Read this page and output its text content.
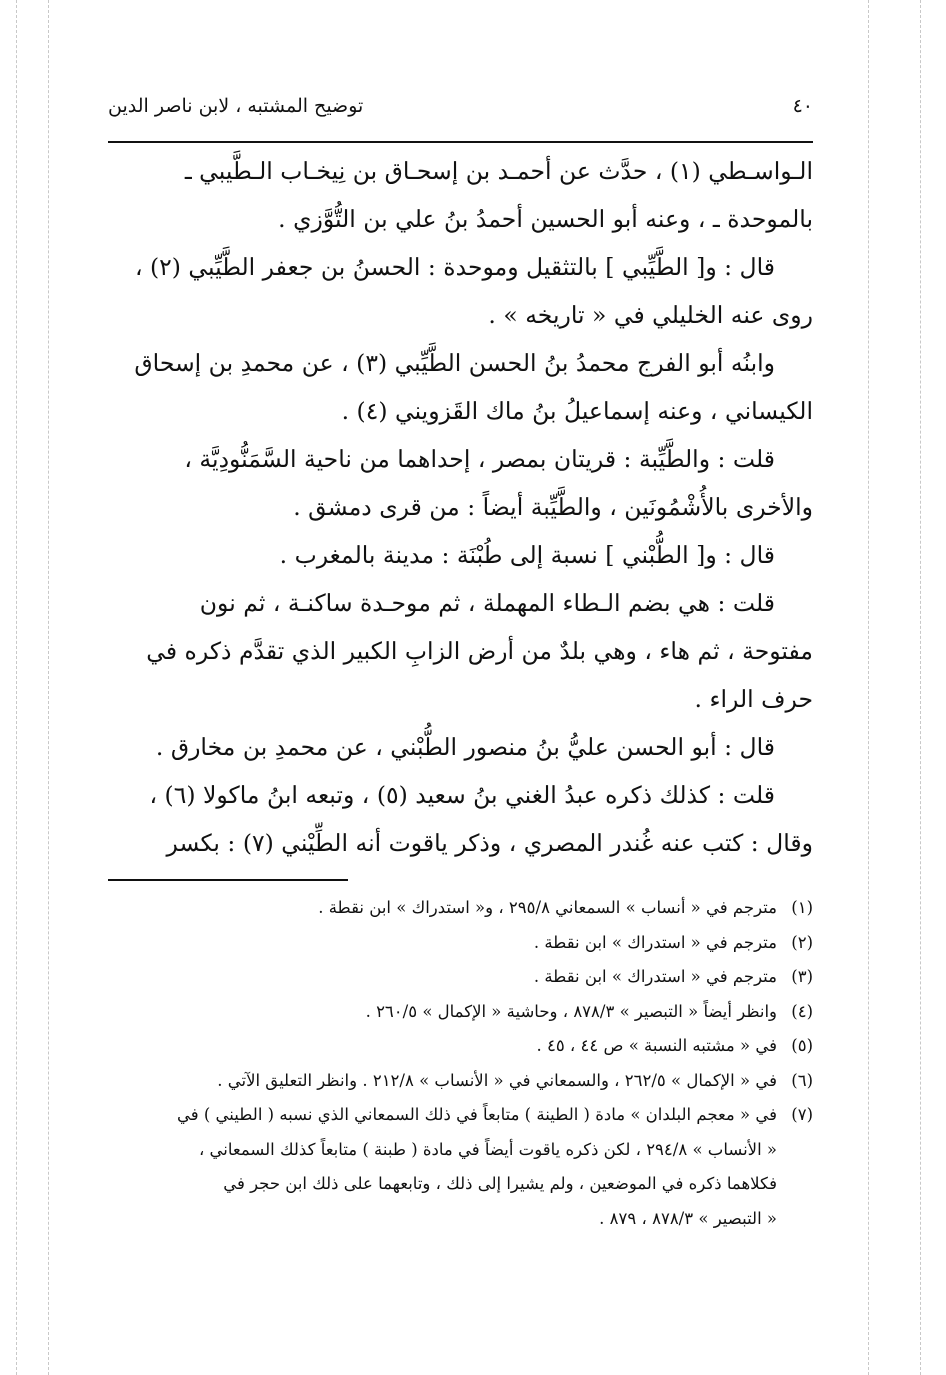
٤٠
توضيح المشتبه ، لابن ناصر الدين

الـواسـطي (١) ، حدَّث عن أحمـد بن إسحـاق بن نِيخـاب الـطَّيبي ـ

بالموحدة ـ ، وعنه أبو الحسين أحمدُ بنُ علي بن التُّوَّزي .

قال : و[ الطَّيِّبي ] بالتثقيل وموحدة : الحسنُ بن جعفر الطَّيِّبي (٢) ،

روى عنه الخليلي في « تاريخه » .

وابنُه أبو الفرج محمدُ بنُ الحسن الطَّيِّبي (٣) ، عن محمدِ بن إسحاق

الكيساني ، وعنه إسماعيلُ بنُ ماك القَزويني (٤) .

قلت : والطَّيِّبة : قريتان بمصر ، إحداهما من ناحية السَّمَنُّودِيَّة ،

والأخرى بالأُشْمُونَين ، والطَّيِّبة أيضاً : من قرى دمشق .

قال : و[ الطُّبْني ] نسبة إلى طُبْنَة : مدينة بالمغرب .

قلت : هي بضم الـطاء المهملة ، ثم موحـدة ساكنـة ، ثم نون

مفتوحة ، ثم هاء ، وهي بلدٌ من أرض الزابِ الكبير الذي تقدَّم ذكره في

حرف الراء .

قال : أبو الحسن عليُّ بنُ منصور الطُّبْني ، عن محمدِ بن مخارق .

قلت : كذلك ذكره عبدُ الغني بنُ سعيد (٥) ، وتبعه ابنُ ماكولا (٦) ،

وقال : كتب عنه غُندر المصري ، وذكر ياقوت أنه الطِّيْني (٧) : بكسر

(١)
مترجم في « أنساب » السمعاني ٢٩٥/٨ ، و« استدراك » ابن نقطة .
(٢)
مترجم في « استدراك » ابن نقطة .
(٣)
مترجم في « استدراك » ابن نقطة .
(٤)
وانظر أيضاً « التبصير » ٨٧٨/٣ ، وحاشية « الإكمال » ٢٦٠/٥ .
(٥)
في « مشتبه النسبة » ص ٤٤ ، ٤٥ .
(٦)
في « الإكمال » ٢٦٢/٥ ، والسمعاني في « الأنساب » ٢١٢/٨ . وانظر التعليق الآتي .
(٧)
في « معجم البلدان » مادة ( الطينة ) متابعاً في ذلك السمعاني الذي نسبه ( الطيني ) في
« الأنساب » ٢٩٤/٨ ، لكن ذكره ياقوت أيضاً في مادة ( طبنة ) متابعاً كذلك السمعاني ،
فكلاهما ذكره في الموضعين ، ولم يشيرا إلى ذلك ، وتابعهما على ذلك ابن حجر في
« التبصير » ٨٧٨/٣ ، ٨٧٩ .
